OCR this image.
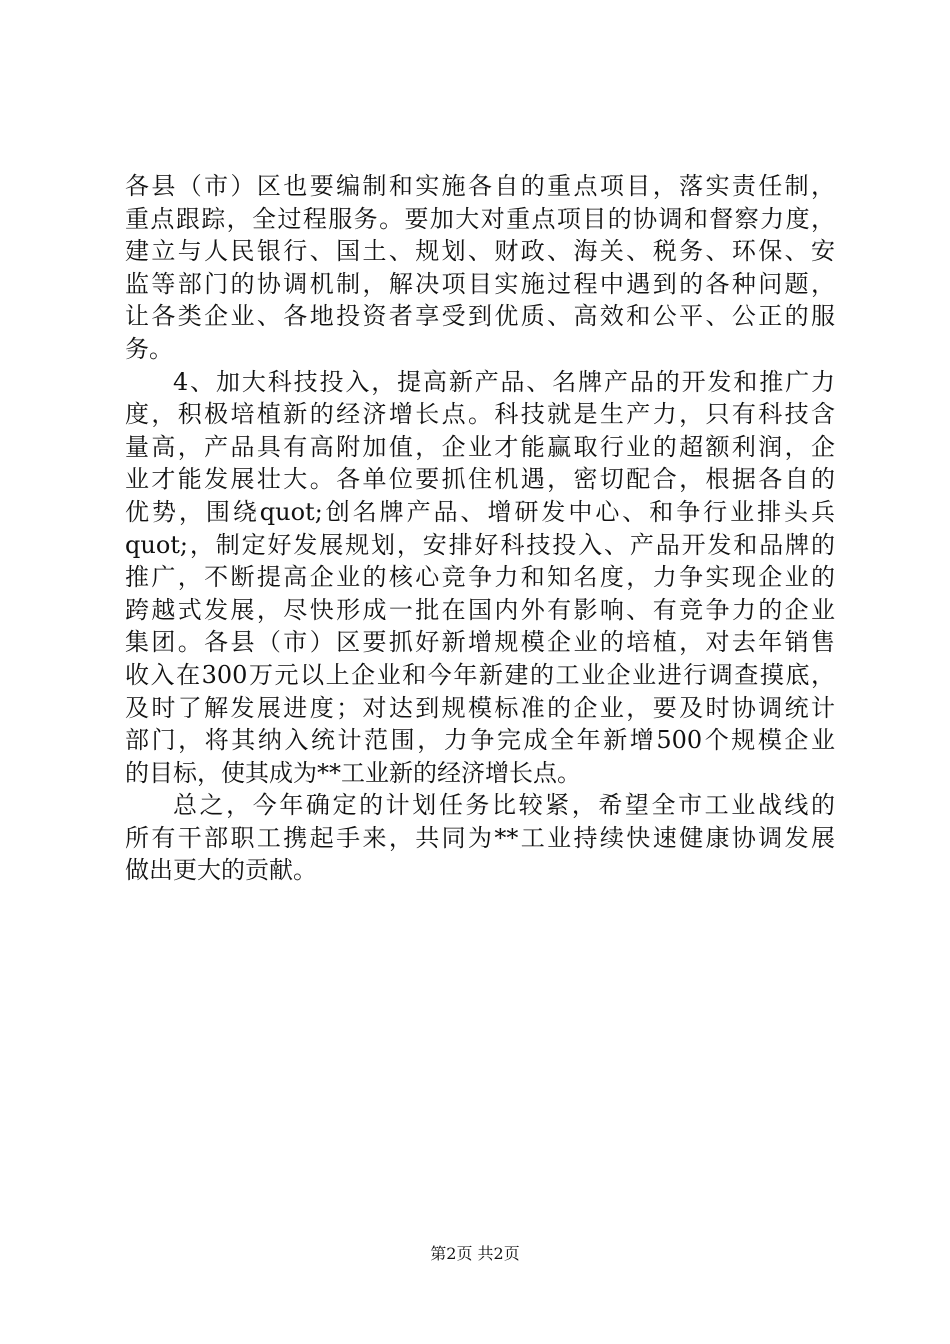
各县（市）区也要编制和实施各自的重点项目，落实责任制，
重点跟踪，全过程服务。要加大对重点项目的协调和督察力度，
建立与人民银行、国土、规划、财政、海关、税务、环保、安
监等部门的协调机制，解决项目实施过程中遇到的各种问题，
让各类企业、各地投资者享受到优质、高效和公平、公正的服
务。
4、加大科技投入，提高新产品、名牌产品的开发和推广力
度，积极培植新的经济增长点。科技就是生产力，只有科技含
量高，产品具有高附加值，企业才能赢取行业的超额利润，企
业才能发展壮大。各单位要抓住机遇，密切配合，根据各自的
优势，围绕quot;创名牌产品、增研发中心、和争行业排头兵
quot;，制定好发展规划，安排好科技投入、产品开发和品牌的
推广，不断提高企业的核心竞争力和知名度，力争实现企业的
跨越式发展，尽快形成一批在国内外有影响、有竞争力的企业
集团。各县（市）区要抓好新增规模企业的培植，对去年销售
收入在300万元以上企业和今年新建的工业企业进行调查摸底，
及时了解发展进度；对达到规模标准的企业，要及时协调统计
部门，将其纳入统计范围，力争完成全年新增500个规模企业
的目标，使其成为**工业新的经济增长点。
总之，今年确定的计划任务比较紧，希望全市工业战线的
所有干部职工携起手来，共同为**工业持续快速健康协调发展
做出更大的贡献。
第2页 共2页
